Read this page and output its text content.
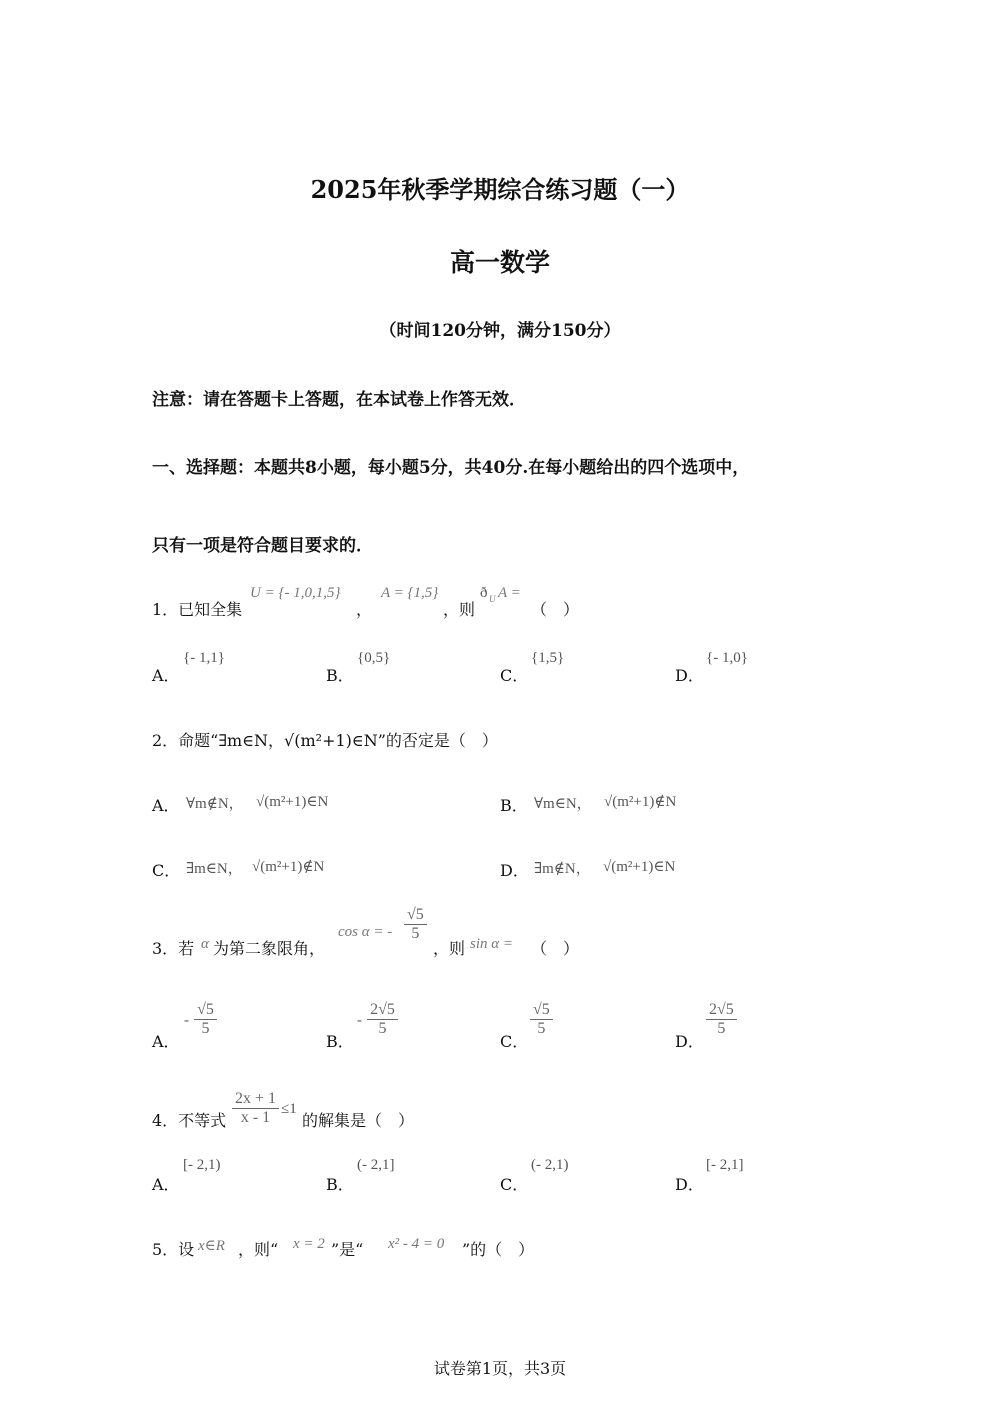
2025年秋季学期综合练习题（一）
高一数学
（时间120分钟，满分150分）
注意：请在答题卡上答题，在本试卷上作答无效．
一、选择题：本题共8小题，每小题5分，共40分.在每小题给出的四个选项中，
只有一项是符合题目要求的．
1．已知全集
U = {- 1,0,1,5}
，
A = {1,5}
，则
ð U A =
（　）
A．
{- 1,1}
B．
{0,5}
C．
{1,5}
D．
{- 1,0}
2．命题“∃m∈N，√(m²+1)∈N”的否定是（　）
A． ∀m∉N， √(m²+1)∈N	B． ∀m∈N， √(m²+1)∉N
C． ∃m∈N， √(m²+1)∉N	D． ∃m∉N， √(m²+1)∈N
3．若 α 为第二象限角，
cos α = - $\frac{√5}{5}$
，则 sin α = （　）
A．
- $\frac{√5}{5}$
B．
- $\frac{2√5}{5}$
C．
$\frac{√5}{5}$
D．
$\frac{2√5}{5}$
4．不等式 $\frac{2x + 1}{x - 1} \le 1$
的解集是（　）
A．
[- 2,1)
B．
(- 2,1]
C．
(- 2,1)
D．
[- 2,1]
5．设 x∈R ，则“ x = 2 ”是“ x² - 4 = 0 ”的（　）
试卷第1页，共3页
